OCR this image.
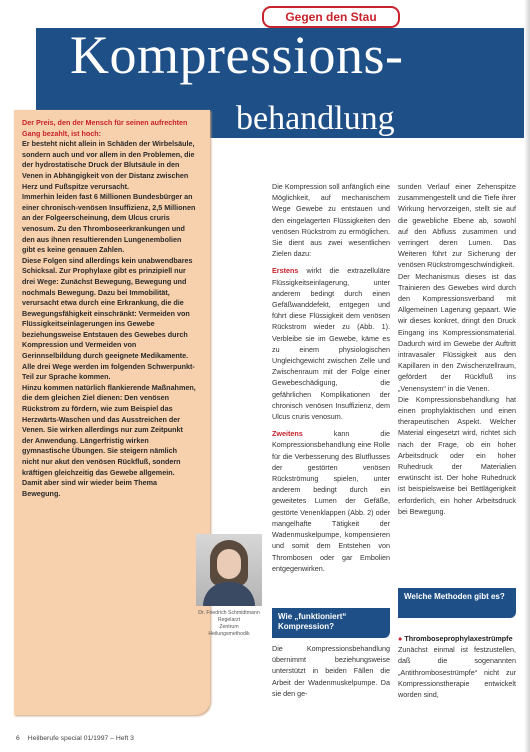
Gegen den Stau
Kompressions-
behandlung
Der Preis, den der Mensch für seinen aufrechten Gang bezahlt, ist hoch:
Er besteht nicht allein in Schäden der Wirbelsäule, sondern auch und vor allem in den Problemen, die der hydrostatische Druck der Blutsäule in den Venen in Abhängigkeit von der Distanz zwischen Herz und Fußspitze verursacht.
Immerhin leiden fast 6 Millionen Bundesbürger an einer chronisch-venösen Insuffizienz, 2,5 Millionen an der Folgeerscheinung, dem Ulcus cruris venosum. Zu den Thromboseerkrankungen und den aus ihnen resultierenden Lungenembolien gibt es keine genauen Zahlen.
Diese Folgen sind allerdings kein unabwendbares Schicksal. Zur Prophylaxe gibt es prinzipiell nur drei Wege: Zunächst Bewegung, Bewegung und nochmals Bewegung. Dazu bei Immobilität, verursacht etwa durch eine Erkrankung, die die Bewegungsfähigkeit einschränkt: Vermeiden von Flüssigkeitseinlagerungen ins Gewebe beziehungsweise Entstauen des Gewebes durch Kompression und Vermeiden von Gerinnselbildung durch geeignete Medikamente. Alle drei Wege werden im folgenden Schwerpunkt-Teil zur Sprache kommen.
Hinzu kommen natürlich flankierende Maßnahmen, die dem gleichen Ziel dienen: Den venösen Rückstrom zu fördern, wie zum Beispiel das Herzwärts-Waschen und das Ausstreichen der Venen. Sie wirken allerdings nur zum Zeitpunkt der Anwendung. Längerfristig wirken gymnastische Übungen. Sie steigern nämlich nicht nur akut den venösen Rückfluß, sondern kräftigen gleichzeitig das Gewebe allgemein. Damit aber sind wir wieder beim Thema Bewegung.
Dr. Friedrich Schmidtmann
Regelarzt
Zentrum
Heilungsmethodik

Die Kompression soll anfänglich eine Möglichkeit, auf mechanischem Wege Gewebe zu entstauen und den eingelagerten Flüssigkeiten den venösen Rückstrom zu ermöglichen. Sie dient aus zwei wesentlichen Zielen dazu:

Erstens wirkt die extrazelluläre Flüssigkeitseinlagerung, unter anderem bedingt durch einen Gefäßwanddefekt, entgegen und führt diese Flüssigkeit dem venösen Rückstrom wieder zu (Abb. 1). Verbleibe sie im Gewebe, käme es zu einem physiologischen Ungleichgewicht zwischen Zelle und Zwischenraum mit der Folge einer Gewebeschädigung, die gefährlichen Komplikationen der chronisch venösen Insuffizienz, dem Ulcus cruris venosum.

Zweitens kann die Kompressionsbehandlung eine Rolle für die Verbesserung des Blutflusses der gestörten venösen Rückströmung spielen, unter anderem bedingt durch ein geweitetes Lumen der Gefäße, gestörte Venenklappen (Abb. 2) oder mangelhafte Tätigkeit der Wadenmuskelpumpe, kompensieren und somit dem Entstehen von Thrombosen oder gar Embolien entgegenwirken.

Wie „funktioniert“ Kompression?
Die Kompressionsbehandlung übernimmt beziehungsweise unterstützt in beiden Fällen die Arbeit der Wadenmuskelpumpe. Da sie den ge-
sunden Verlauf einer Zehenspitze zusammengestellt und die Tiefe ihrer Wirkung hervorzeigen, stellt sie auf die gewebliche Ebene ab, sowohl auf den Abfluss zusammen und verringert deren Lumen. Das Weiteren führt zur Sicherung der venösen Rückstromgeschwindigkeit.
Der Mechanismus dieses ist das Trainieren des Gewebes wird durch den Kompressionsverband mit Allgemeinen Lagerung gepaart. Wie wir dieses konkret, dringt den Druck Eingang ins Kompressionsmaterial. Dadurch wird im Gewebe der Auftritt intravasaler Flüssigkeit aus den Kapillaren in den Zwischenzellraum, gefördert der Rückfluß ins „Venensystem“ in die Venen.
Die Kompressionsbehandlung hat einen prophylaktischen und einen therapeutischen Aspekt. Welcher Material eingesetzt wird, richtet sich nach der Frage, ob ein hoher Arbeitsdruck oder ein hoher Ruhedruck der Materialien erwünscht ist. Der hohe Ruhedruck ist beispielsweise bei Bettlägerigkeit erforderlich, ein hoher Arbeitsdruck bei Bewegung.
Welche Methoden gibt es?
● Thromboseprophylaxestrümpfe
Zunächst einmal ist festzustellen, daß die sogenannten „Antithrombosestrümpfe“ nicht zur Kompressionstherapie entwickelt worden sind,
6 Heilberufe special 01/1997 – Heft 3
